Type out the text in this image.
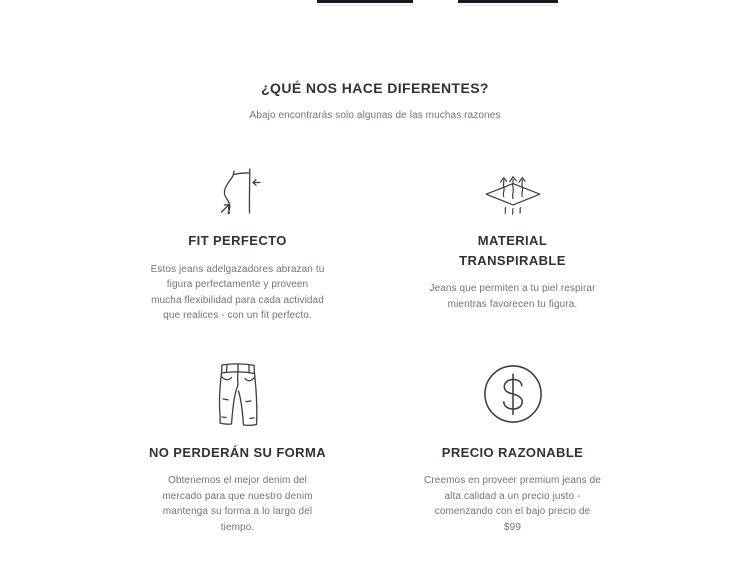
¿QUÉ NOS HACE DIFERENTES?
Abajo encontrarás solo algunas de las muchas razones
FIT PERFECTO
Estos jeans adelgazadores abrazan tu
figura perfectamente y proveen
mucha flexibilidad para cada actividad
que realices - con un fit perfecto.
MATERIAL TRANSPIRABLE
Jeans que permiten a tu piel respirar
mientras favorecen tu figura.
NO PERDERÁN SU FORMA
Obtenemos el mejor denim del
mercado para que nuestro denim
mantenga su forma a lo largo del
tiempo.
PRECIO RAZONABLE
Creemos en proveer premium jeans de
alta calidad a un precio justo -
comenzando con el bajo precio de
$99
